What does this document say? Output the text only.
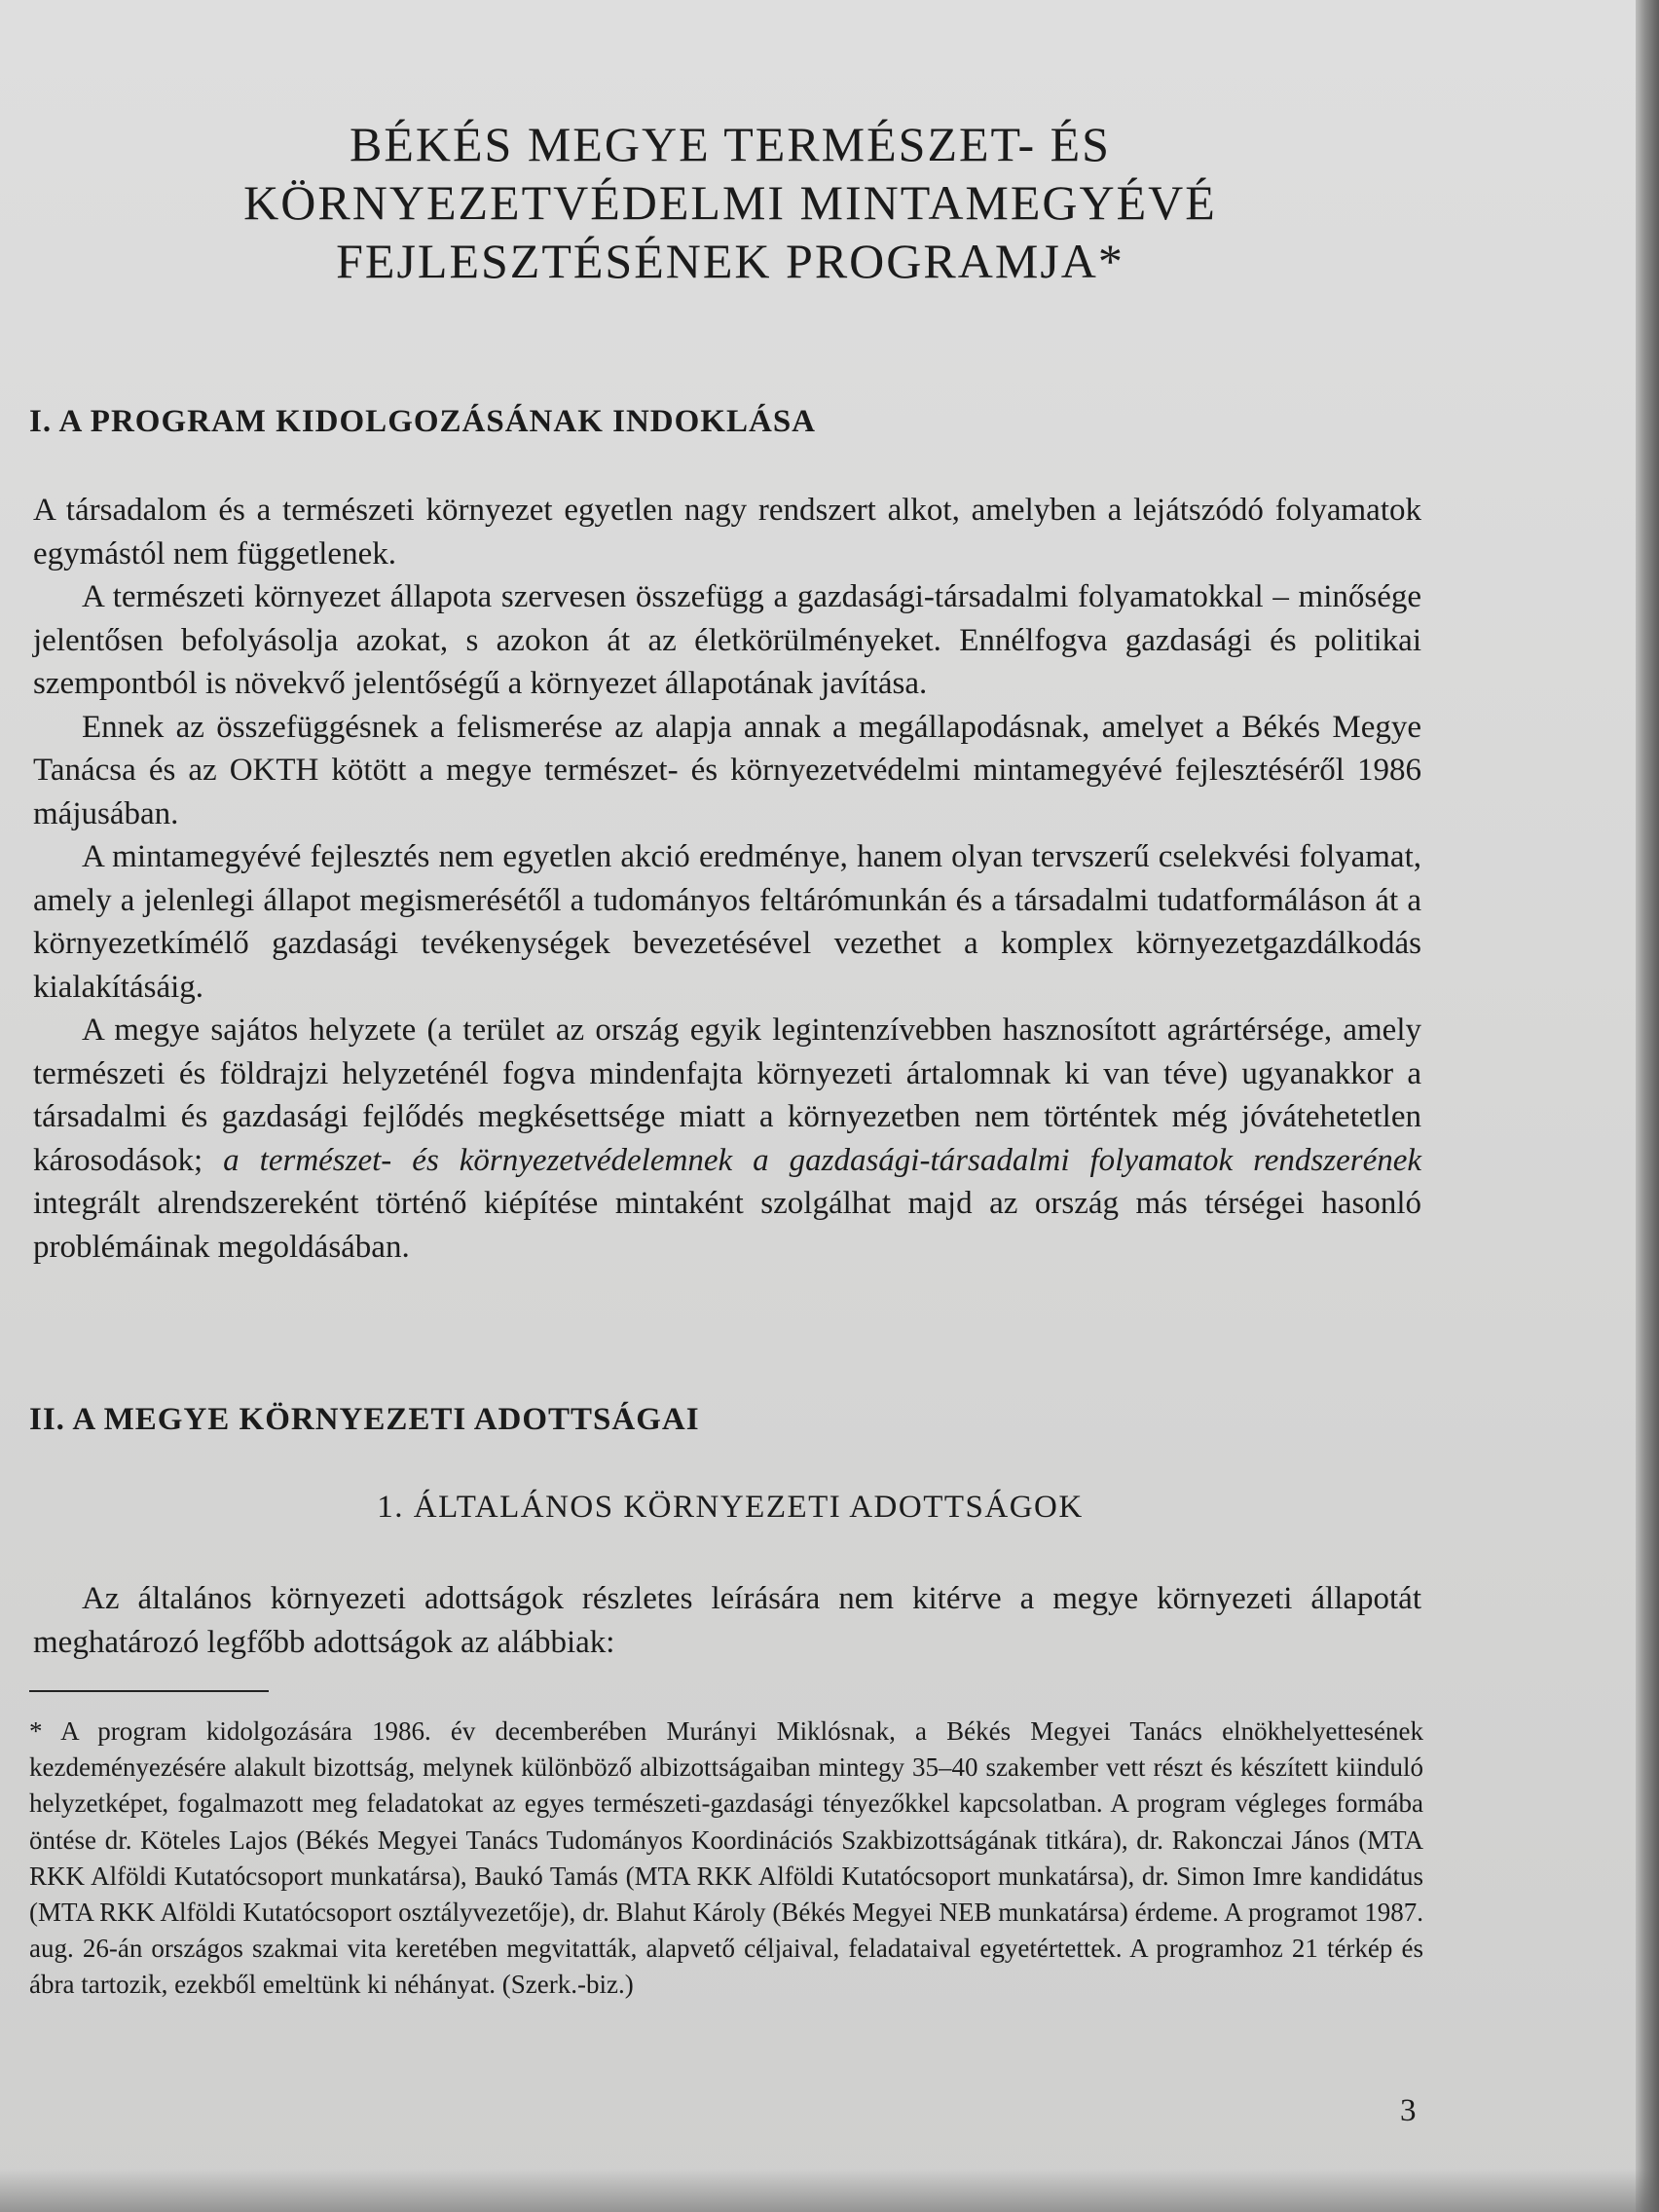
BÉKÉS MEGYE TERMÉSZET- ÉS
KÖRNYEZETVÉDELMI MINTAMEGYÉVÉ
FEJLESZTÉSÉNEK PROGRAMJA*
I. A PROGRAM KIDOLGOZÁSÁNAK INDOKLÁSA

A társadalom és a természeti környezet egyetlen nagy rendszert alkot, amelyben a lejátszódó folyamatok egymástól nem függetlenek.

A természeti környezet állapota szervesen összefügg a gazdasági-társadalmi folyamatokkal – minősége jelentősen befolyásolja azokat, s azokon át az életkörülményeket. Ennélfogva gazdasági és politikai szempontból is növekvő jelentőségű a környezet állapotának javítása.

Ennek az összefüggésnek a felismerése az alapja annak a megállapodásnak, amelyet a Békés Megye Tanácsa és az OKTH kötött a megye természet- és környezetvédelmi mintamegyévé fejlesztéséről 1986 májusában.

A mintamegyévé fejlesztés nem egyetlen akció eredménye, hanem olyan tervszerű cselekvési folyamat, amely a jelenlegi állapot megismerésétől a tudományos feltárómunkán és a társadalmi tudatformáláson át a környezetkímélő gazdasági tevékenységek bevezetésével vezethet a komplex környezetgazdálkodás kialakításáig.

A megye sajátos helyzete (a terület az ország egyik legintenzívebben hasznosított agrártérsége, amely természeti és földrajzi helyzeténél fogva mindenfajta környezeti ártalomnak ki van téve) ugyanakkor a társadalmi és gazdasági fejlődés megkésettsége miatt a környezetben nem történtek még jóvátehetetlen károsodások; a természet- és környezetvédelemnek a gazdasági-társadalmi folyamatok rendszerének integrált alrendszereként történő kiépítése mintaként szolgálhat majd az ország más térségei hasonló problémáinak megoldásában.

II. A MEGYE KÖRNYEZETI ADOTTSÁGAI
1. ÁLTALÁNOS KÖRNYEZETI ADOTTSÁGOK

Az általános környezeti adottságok részletes leírására nem kitérve a megye környezeti állapotát meghatározó legfőbb adottságok az alábbiak:

* A program kidolgozására 1986. év decemberében Murányi Miklósnak, a Békés Megyei Tanács elnökhelyettesének kezdeményezésére alakult bizottság, melynek különböző albizottságaiban mintegy 35–40 szakember vett részt és készített kiinduló helyzetképet, fogalmazott meg feladatokat az egyes természeti-gazdasági tényezőkkel kapcsolatban. A program végleges formába öntése dr. Köteles Lajos (Békés Megyei Tanács Tudományos Koordinációs Szakbizottságának titkára), dr. Rakonczai János (MTA RKK Alföldi Kutatócsoport munkatársa), Baukó Tamás (MTA RKK Alföldi Kutatócsoport munkatársa), dr. Simon Imre kandidátus (MTA RKK Alföldi Kutatócsoport osztályvezetője), dr. Blahut Károly (Békés Megyei NEB munkatársa) érdeme. A programot 1987. aug. 26-án országos szakmai vita keretében megvitatták, alapvető céljaival, feladataival egyetértettek. A programhoz 21 térkép és ábra tartozik, ezekből emeltünk ki néhányat. (Szerk.-biz.)

3
